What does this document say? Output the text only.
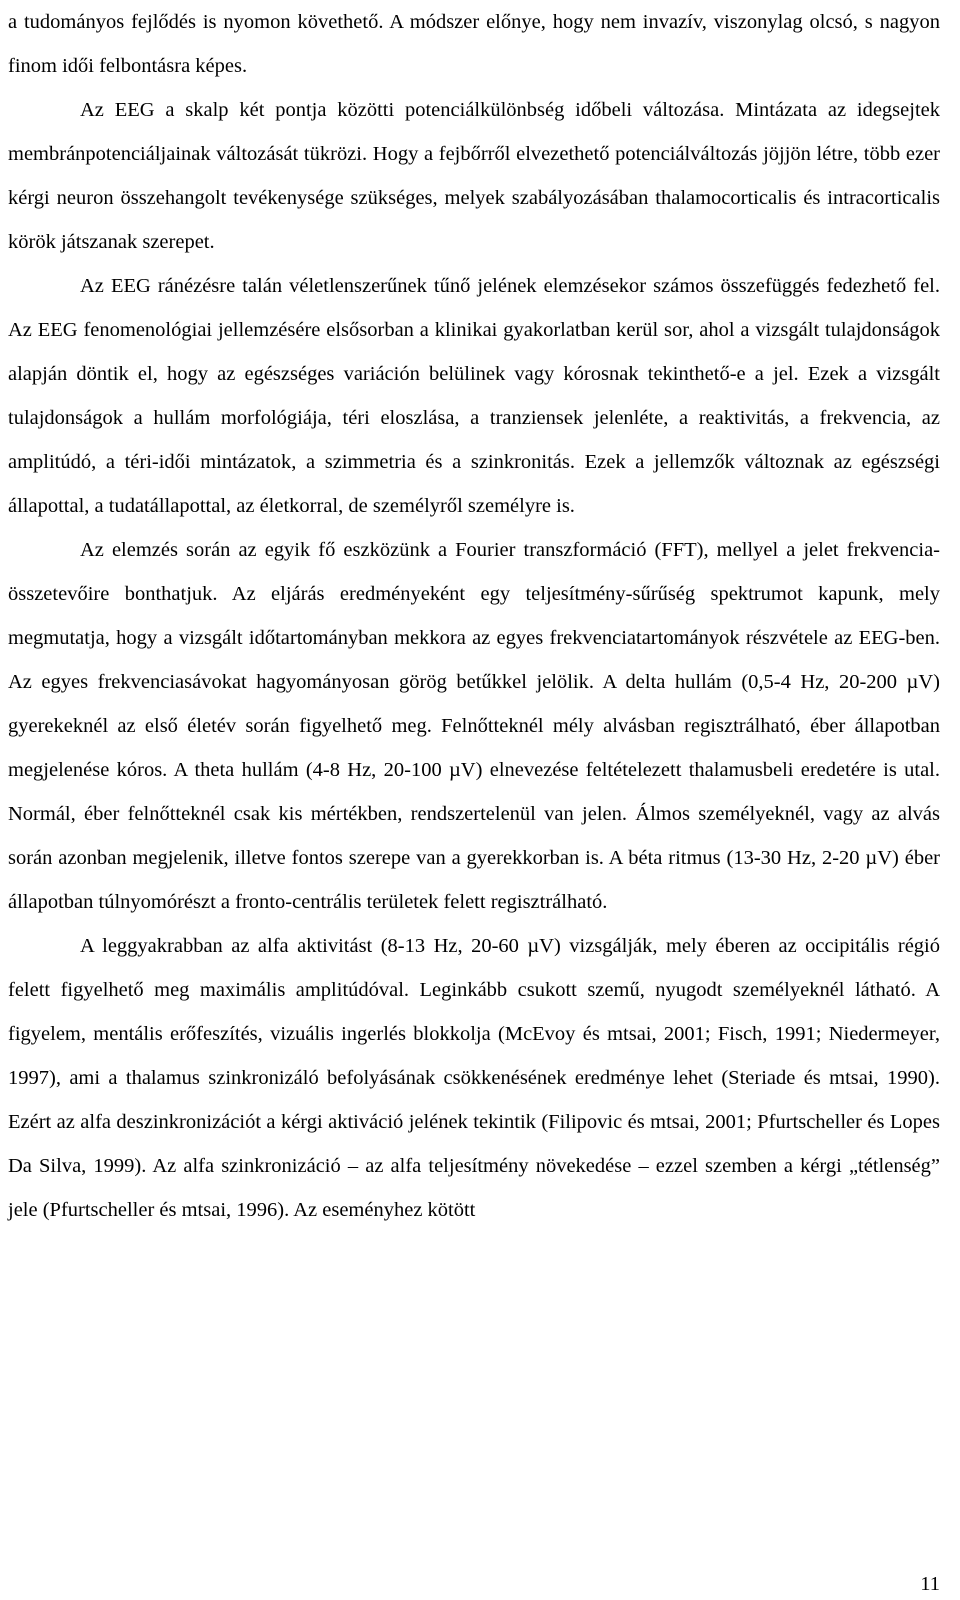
a tudományos fejlődés is nyomon követhető. A módszer előnye, hogy nem invazív, viszonylag olcsó, s nagyon finom idői felbontásra képes.

Az EEG a skalp két pontja közötti potenciálkülönbség időbeli változása. Mintázata az idegsejtek membránpotenciáljainak változását tükrözi. Hogy a fejbőrről elvezethető potenciálváltozás jöjjön létre, több ezer kérgi neuron összehangolt tevékenysége szükséges, melyek szabályozásában thalamocorticalis és intracorticalis körök játszanak szerepet.

Az EEG ránézésre talán véletlenszerűnek tűnő jelének elemzésekor számos összefüggés fedezhető fel. Az EEG fenomenológiai jellemzésére elsősorban a klinikai gyakorlatban kerül sor, ahol a vizsgált tulajdonságok alapján döntik el, hogy az egészséges variáción belülinek vagy kórosnak tekinthető-e a jel. Ezek a vizsgált tulajdonságok a hullám morfológiája, téri eloszlása, a tranziensek jelenléte, a reaktivitás, a frekvencia, az amplitúdó, a téri-idői mintázatok, a szimmetria és a szinkronitás. Ezek a jellemzők változnak az egészségi állapottal, a tudatállapottal, az életkorral, de személyről személyre is.

Az elemzés során az egyik fő eszközünk a Fourier transzformáció (FFT), mellyel a jelet frekvencia-összetevőire bonthatjuk. Az eljárás eredményeként egy teljesítmény-sűrűség spektrumot kapunk, mely megmutatja, hogy a vizsgált időtartományban mekkora az egyes frekvenciatartományok részvétele az EEG-ben. Az egyes frekvenciasávokat hagyományosan görög betűkkel jelölik. A delta hullám (0,5-4 Hz, 20-200 µV) gyerekeknél az első életév során figyelhető meg. Felnőtteknél mély alvásban regisztrálható, éber állapotban megjelenése kóros. A theta hullám (4-8 Hz, 20-100 µV) elnevezése feltételezett thalamusbeli eredetére is utal. Normál, éber felnőtteknél csak kis mértékben, rendszertelenül van jelen. Álmos személyeknél, vagy az alvás során azonban megjelenik, illetve fontos szerepe van a gyerekkorban is. A béta ritmus (13-30 Hz, 2-20 µV) éber állapotban túlnyomórészt a fronto-centrális területek felett regisztrálható.

A leggyakrabban az alfa aktivitást (8-13 Hz, 20-60 µV) vizsgálják, mely éberen az occipitális régió felett figyelhető meg maximális amplitúdóval. Leginkább csukott szemű, nyugodt személyeknél látható. A figyelem, mentális erőfeszítés, vizuális ingerlés blokkolja (McEvoy és mtsai, 2001; Fisch, 1991; Niedermeyer, 1997), ami a thalamus szinkronizáló befolyásának csökkenésének eredménye lehet (Steriade és mtsai, 1990). Ezért az alfa deszinkronizációt a kérgi aktiváció jelének tekintik (Filipovic és mtsai, 2001; Pfurtscheller és Lopes Da Silva, 1999). Az alfa szinkronizáció – az alfa teljesítmény növekedése – ezzel szemben a kérgi „tétlenség” jele (Pfurtscheller és mtsai, 1996). Az eseményhez kötött

11
